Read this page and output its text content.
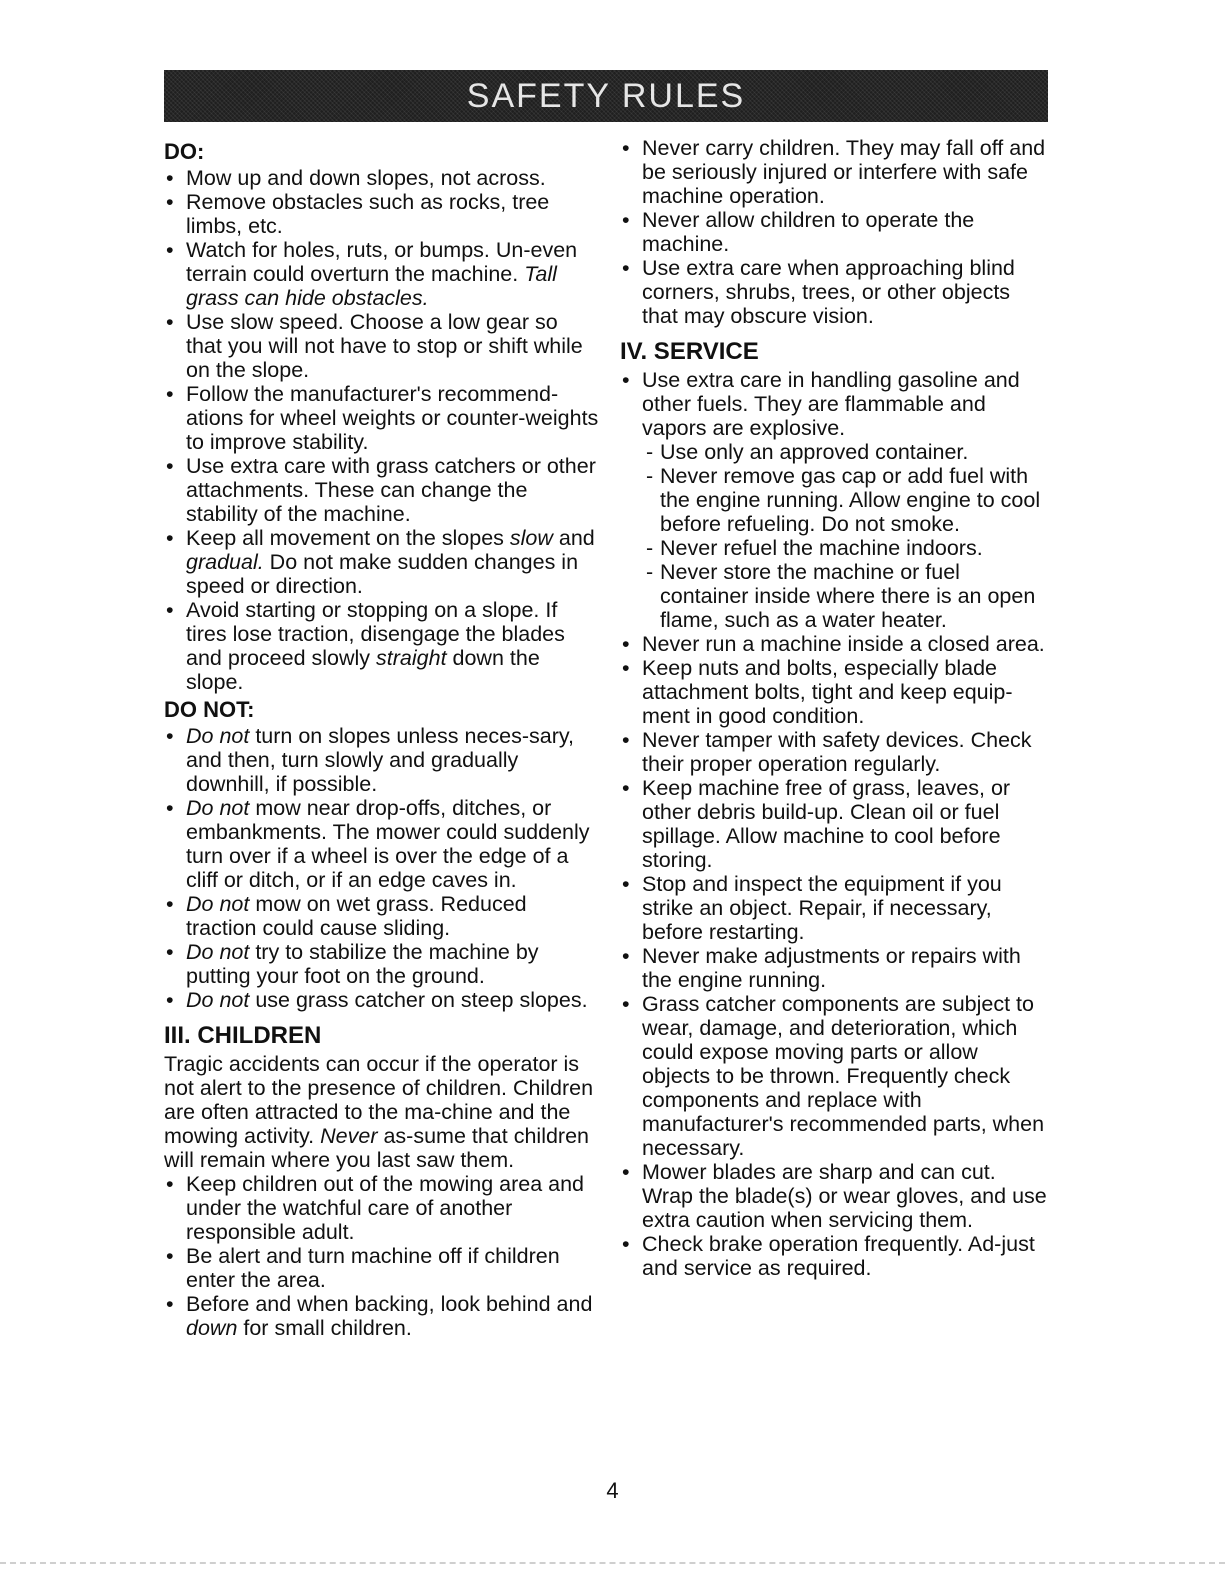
SAFETY RULES
DO:
• Mow up and down slopes, not across.
• Remove obstacles such as rocks, tree limbs, etc.
• Watch for holes, ruts, or bumps. Un-even terrain could overturn the machine. Tall grass can hide obstacles.
• Use slow speed. Choose a low gear so that you will not have to stop or shift while on the slope.
• Follow the manufacturer's recommend-ations for wheel weights or counter-weights to improve stability.
• Use extra care with grass catchers or other attachments. These can change the stability of the machine.
• Keep all movement on the slopes slow and gradual. Do not make sudden changes in speed or direction.
• Avoid starting or stopping on a slope. If tires lose traction, disengage the blades and proceed slowly straight down the slope.
DO NOT:
• Do not turn on slopes unless neces-sary, and then, turn slowly and gradually downhill, if possible.
• Do not mow near drop-offs, ditches, or embankments. The mower could suddenly turn over if a wheel is over the edge of a cliff or ditch, or if an edge caves in.
• Do not mow on wet grass. Reduced traction could cause sliding.
• Do not try to stabilize the machine by putting your foot on the ground.
• Do not use grass catcher on steep slopes.
III. CHILDREN

Tragic accidents can occur if the operator is not alert to the presence of children. Children are often attracted to the ma-chine and the mowing activity. Never as-sume that children will remain where you last saw them.

• Keep children out of the mowing area and under the watchful care of another responsible adult.
• Be alert and turn machine off if children enter the area.
• Before and when backing, look behind and down for small children.
• Never carry children. They may fall off and be seriously injured or interfere with safe machine operation.
• Never allow children to operate the machine.
• Use extra care when approaching blind corners, shrubs, trees, or other objects that may obscure vision.
IV. SERVICE
• Use extra care in handling gasoline and other fuels. They are flammable and vapors are explosive.
- Use only an approved container.
- Never remove gas cap or add fuel with the engine running. Allow engine to cool before refueling. Do not smoke.
- Never refuel the machine indoors.
- Never store the machine or fuel container inside where there is an open flame, such as a water heater.
• Never run a machine inside a closed area.
• Keep nuts and bolts, especially blade attachment bolts, tight and keep equip-ment in good condition.
• Never tamper with safety devices. Check their proper operation regularly.
• Keep machine free of grass, leaves, or other debris build-up. Clean oil or fuel spillage. Allow machine to cool before storing.
• Stop and inspect the equipment if you strike an object. Repair, if necessary, before restarting.
• Never make adjustments or repairs with the engine running.
• Grass catcher components are subject to wear, damage, and deterioration, which could expose moving parts or allow objects to be thrown. Frequently check components and replace with manufacturer's recommended parts, when necessary.
• Mower blades are sharp and can cut. Wrap the blade(s) or wear gloves, and use extra caution when servicing them.
• Check brake operation frequently. Ad-just and service as required.
4
